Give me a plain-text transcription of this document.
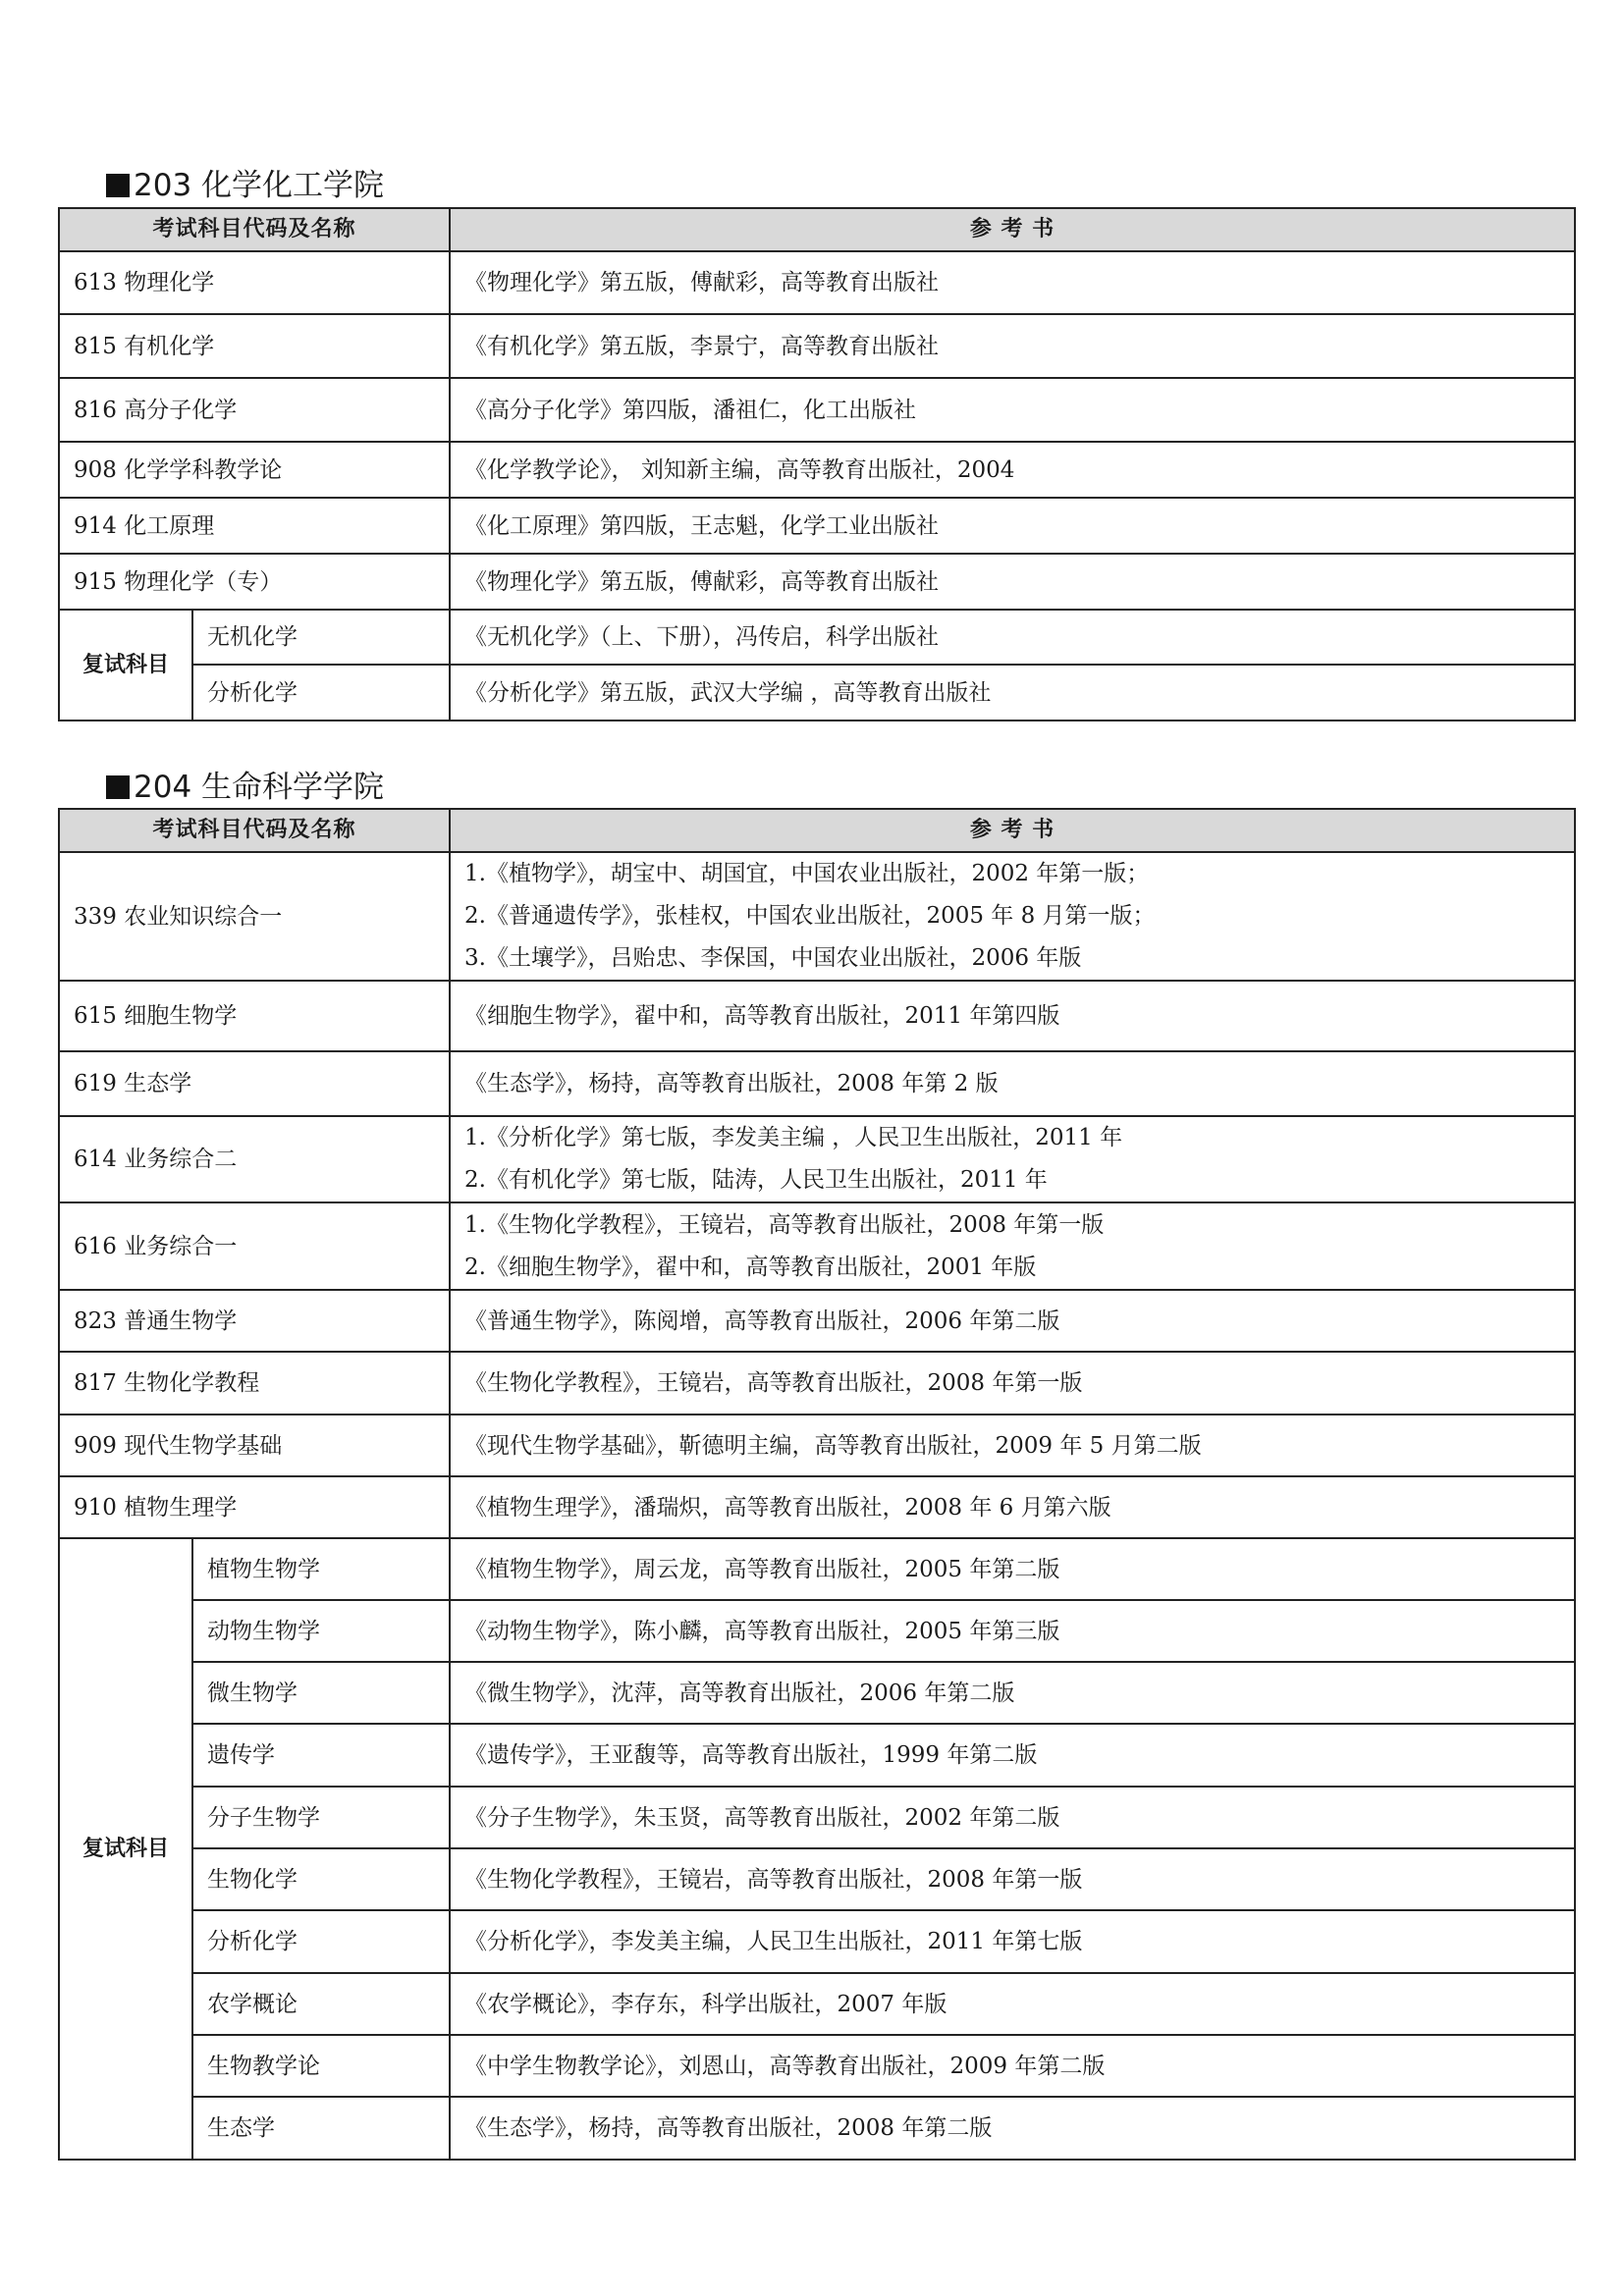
203 化学化工学院
考试科目代码及名称		参 考 书
613 物理化学		《物理化学》第五版，傅献彩，高等教育出版社
815 有机化学		《有机化学》第五版，李景宁，高等教育出版社
816 高分子化学		《高分子化学》第四版，潘祖仁，化工出版社
908 化学学科教学论		《化学教学论》， 刘知新主编，高等教育出版社，2004
914 化工原理		《化工原理》第四版，王志魁，化学工业出版社
915 物理化学（专）		《物理化学》第五版，傅献彩，高等教育出版社
复试科目	无机化学	《无机化学》（上、下册），冯传启，科学出版社
	分析化学	《分析化学》第五版，武汉大学编 ，高等教育出版社
204 生命科学学院
考试科目代码及名称		参 考 书
339 农业知识综合一		1.《植物学》，胡宝中、胡国宜，中国农业出版社，2002 年第一版；
2.《普通遗传学》，张桂权，中国农业出版社，2005 年 8 月第一版；
3.《土壤学》，吕贻忠、李保国，中国农业出版社，2006 年版

615 细胞生物学		《细胞生物学》，翟中和，高等教育出版社，2011 年第四版
619 生态学		《生态学》，杨持，高等教育出版社，2008 年第 2 版
614 业务综合二		1.《分析化学》第七版，李发美主编 ，人民卫生出版社，2011 年
2.《有机化学》第七版，陆涛，人民卫生出版社，2011 年

616 业务综合一		1.《生物化学教程》，王镜岩，高等教育出版社，2008 年第一版
2.《细胞生物学》，翟中和，高等教育出版社，2001 年版

823 普通生物学		《普通生物学》，陈阅增，高等教育出版社，2006 年第二版
817 生物化学教程		《生物化学教程》，王镜岩，高等教育出版社，2008 年第一版
909 现代生物学基础		《现代生物学基础》，靳德明主编，高等教育出版社，2009 年 5 月第二版
910 植物生理学		《植物生理学》，潘瑞炽，高等教育出版社，2008 年 6 月第六版
复试科目	植物生物学	《植物生物学》，周云龙，高等教育出版社，2005 年第二版
	动物生物学	《动物生物学》，陈小麟，高等教育出版社，2005 年第三版
	微生物学	《微生物学》，沈萍，高等教育出版社，2006 年第二版
	遗传学	《遗传学》，王亚馥等，高等教育出版社，1999 年第二版
	分子生物学	《分子生物学》，朱玉贤，高等教育出版社，2002 年第二版
	生物化学	《生物化学教程》，王镜岩，高等教育出版社，2008 年第一版
	分析化学	《分析化学》，李发美主编，人民卫生出版社，2011 年第七版
	农学概论	《农学概论》，李存东，科学出版社，2007 年版
	生物教学论	《中学生物教学论》，刘恩山，高等教育出版社，2009 年第二版
	生态学	《生态学》，杨持，高等教育出版社，2008 年第二版
